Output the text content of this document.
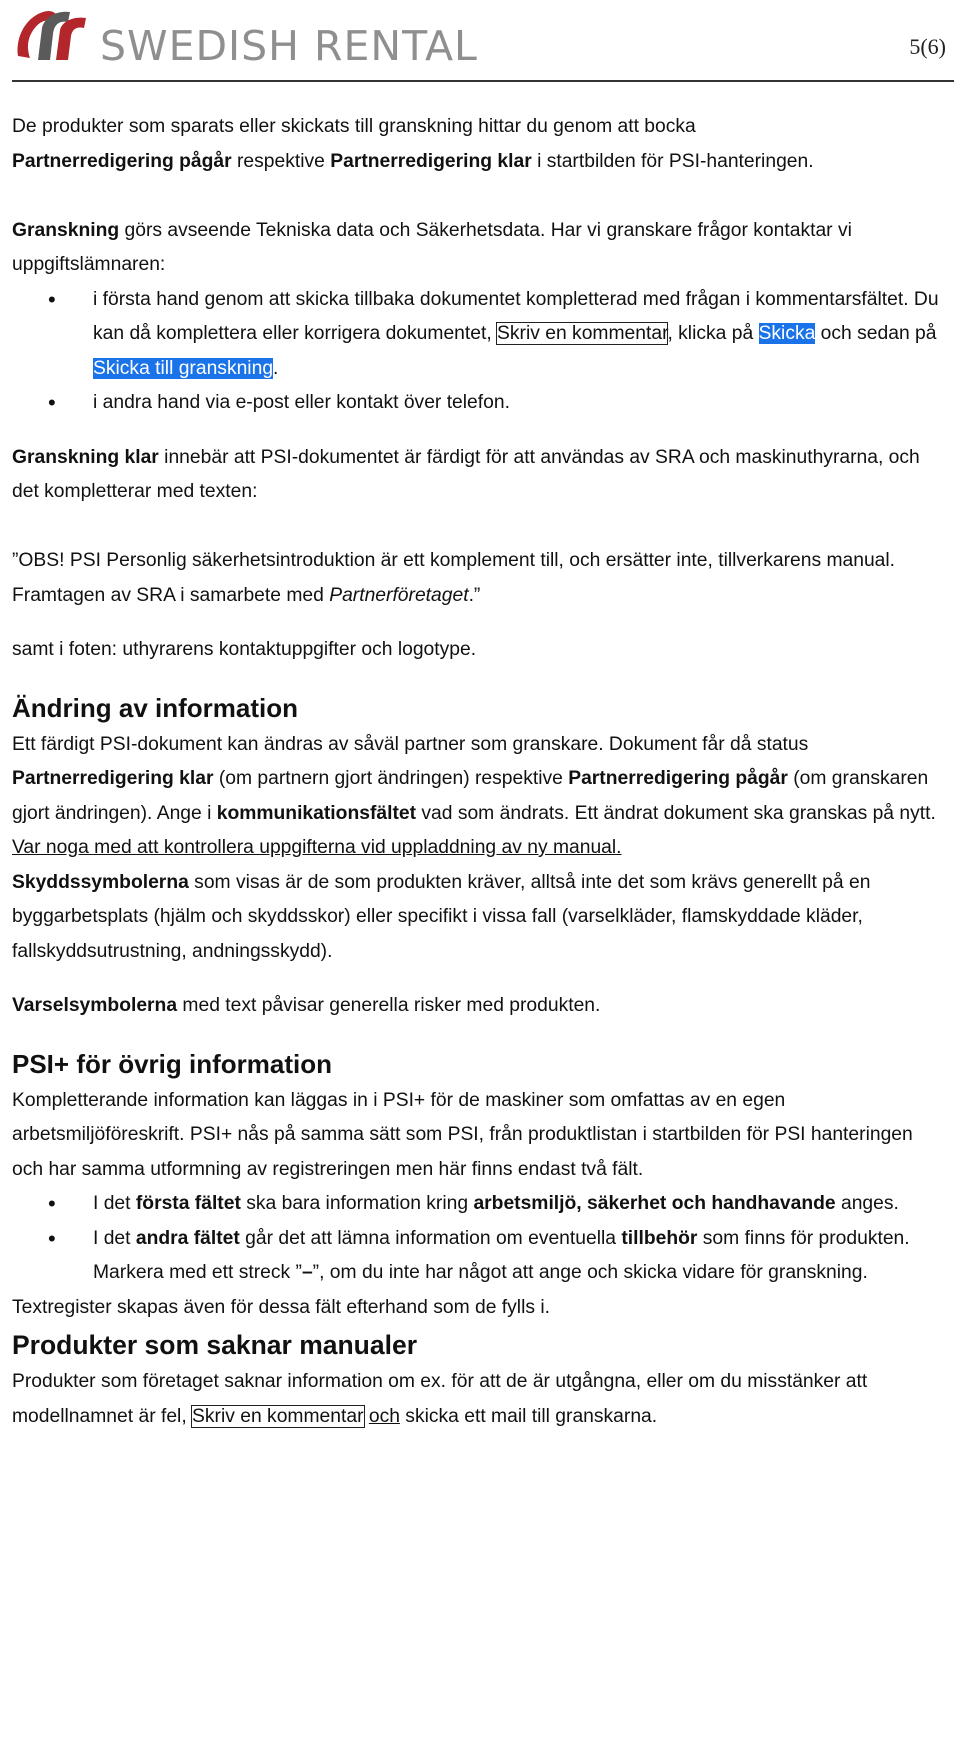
SWEDISH RENTAL	5(6)

De produkter som sparats eller skickats till granskning hittar du genom att bocka
Partnerredigering pågår respektive Partnerredigering klar i startbilden för PSI-hanteringen.

Granskning görs avseende Tekniska data och Säkerhetsdata. Har vi granskare frågor kontaktar vi uppgiftslämnaren:

• i första hand genom att skicka tillbaka dokumentet kompletterad med frågan i kommentarsfältet. Du kan då komplettera eller korrigera dokumentet, Skriv en kommentar, klicka på Skicka och sedan på Skicka till granskning.
• i andra hand via e-post eller kontakt över telefon.

Granskning klar innebär att PSI-dokumentet är färdigt för att användas av SRA och maskinuthyrarna, och det kompletterar med texten:

”OBS! PSI Personlig säkerhetsintroduktion är ett komplement till, och ersätter inte, tillverkarens manual. Framtagen av SRA i samarbete med Partnerföretaget.”

samt i foten: uthyrarens kontaktuppgifter och logotype.

Ändring av information

Ett färdigt PSI-dokument kan ändras av såväl partner som granskare. Dokument får då status Partnerredigering klar (om partnern gjort ändringen) respektive Partnerredigering pågår (om granskaren gjort ändringen). Ange i kommunikationsfältet vad som ändrats. Ett ändrat dokument ska granskas på nytt. Var noga med att kontrollera uppgifterna vid uppladdning av ny manual.

Skyddssymbolerna som visas är de som produkten kräver, alltså inte det som krävs generellt på en byggarbetsplats (hjälm och skyddsskor) eller specifikt i vissa fall (varselkläder, flamskyddade kläder, fallskyddsutrustning, andningsskydd).

Varselsymbolerna med text påvisar generella risker med produkten.

PSI+ för övrig information

Kompletterande information kan läggas in i PSI+ för de maskiner som omfattas av en egen arbetsmiljöföreskrift. PSI+ nås på samma sätt som PSI, från produktlistan i startbilden för PSI hanteringen och har samma utformning av registreringen men här finns endast två fält.

• I det första fältet ska bara information kring arbetsmiljö, säkerhet och handhavande anges.
• I det andra fältet går det att lämna information om eventuella tillbehör som finns för produkten. Markera med ett streck ”–”, om du inte har något att ange och skicka vidare för granskning.

Textregister skapas även för dessa fält efterhand som de fylls i.

Produkter som saknar manualer

Produkter som företaget saknar information om ex. för att de är utgångna, eller om du misstänker att modellnamnet är fel, Skriv en kommentar och skicka ett mail till granskarna.
